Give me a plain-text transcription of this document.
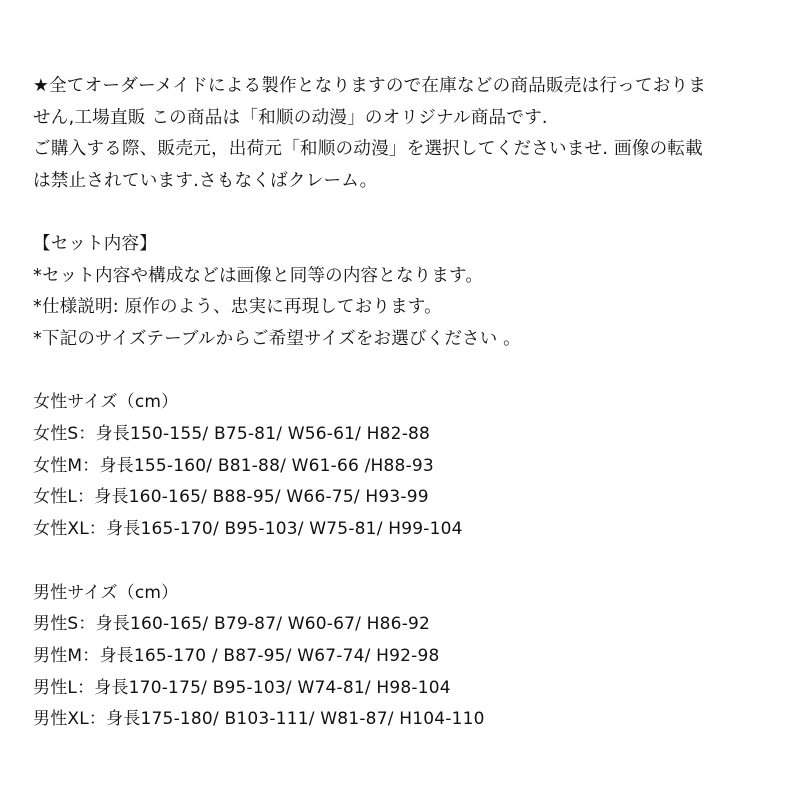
★全てオーダーメイドによる製作となりますので在庫などの商品販売は行っておりま
せん,工場直販 この商品は「和顺の动漫」のオリジナル商品です.
ご購入する際、販売元，出荷元「和顺の动漫」を選択してくださいませ. 画像の転載
は禁止されています.さもなくばクレーム。
【セット内容】
*セット内容や構成などは画像と同等の内容となります。
*仕様説明: 原作のよう、忠実に再現しております。
*下記のサイズテーブルからご希望サイズをお選びください 。
女性サイズ（cm）
女性S：身長150-155/ B75-81/ W56-61/ H82-88
女性M：身長155-160/ B81-88/ W61-66 /H88-93
女性L：身長160-165/ B88-95/ W66-75/ H93-99
女性XL：身長165-170/ B95-103/ W75-81/ H99-104
男性サイズ（cm）
男性S：身長160-165/ B79-87/ W60-67/ H86-92
男性M：身長165-170 / B87-95/ W67-74/ H92-98
男性L：身長170-175/ B95-103/ W74-81/ H98-104
男性XL：身長175-180/ B103-111/ W81-87/ H104-110
